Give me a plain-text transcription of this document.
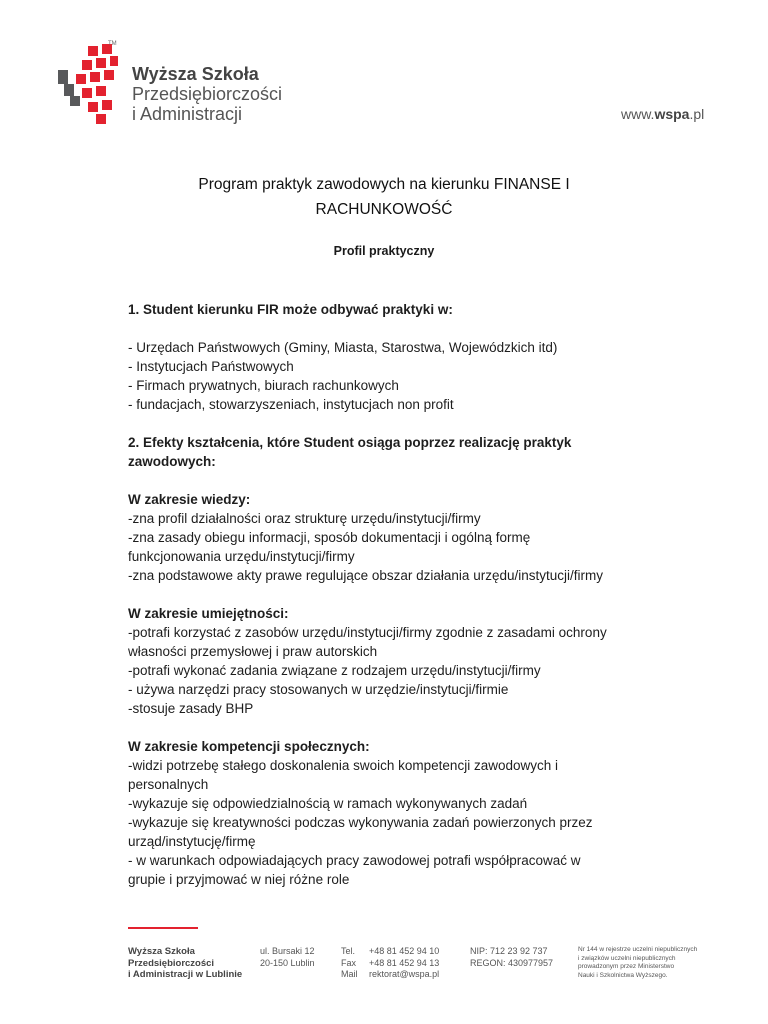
TM
Wyższa Szkoła
Przedsiębiorczości
i Administracji	www.wspa.pl
Program praktyk zawodowych na kierunku FINANSE I
RACHUNKOWOŚĆ
Profil praktyczny
1. Student kierunku FIR może odbywać praktyki w:
- Urzędach Państwowych (Gminy, Miasta, Starostwa, Wojewódzkich itd)
- Instytucjach Państwowych
- Firmach prywatnych, biurach rachunkowych
- fundacjach, stowarzyszeniach, instytucjach non profit
2. Efekty kształcenia, które Student osiąga poprzez realizację praktyk
zawodowych:
W zakresie wiedzy:
-zna profil działalności oraz strukturę urzędu/instytucji/firmy
-zna zasady obiegu informacji, sposób dokumentacji i ogólną formę
funkcjonowania urzędu/instytucji/firmy
-zna podstawowe akty prawe regulujące obszar działania urzędu/instytucji/firmy
W zakresie umiejętności:
-potrafi korzystać z zasobów urzędu/instytucji/firmy zgodnie z zasadami ochrony
własności przemysłowej i praw autorskich
-potrafi wykonać zadania związane z rodzajem urzędu/instytucji/firmy
- używa narzędzi pracy stosowanych w urzędzie/instytucji/firmie
-stosuje zasady BHP
W zakresie kompetencji społecznych:
-widzi potrzebę stałego doskonalenia swoich kompetencji zawodowych i
personalnych
-wykazuje się odpowiedzialnością w ramach wykonywanych zadań
-wykazuje się kreatywności podczas wykonywania zadań powierzonych przez
urząd/instytucję/firmę
- w warunkach odpowiadających pracy zawodowej potrafi współpracować w
grupie i przyjmować w niej różne role
Wyższa Szkoła
Przedsiębiorczości
i Administracji w Lublinie
ul. Bursaki 12
20-150 Lublin
Tel.
Fax
Mail
+48 81 452 94 10
+48 81 452 94 13
rektorat@wspa.pl
NIP: 712 23 92 737
REGON: 430977957
Nr 144 w rejestrze uczelni niepublicznych
i związków uczelni niepublicznych
prowadzonym przez Ministerstwo
Nauki i Szkolnictwa Wyższego.
